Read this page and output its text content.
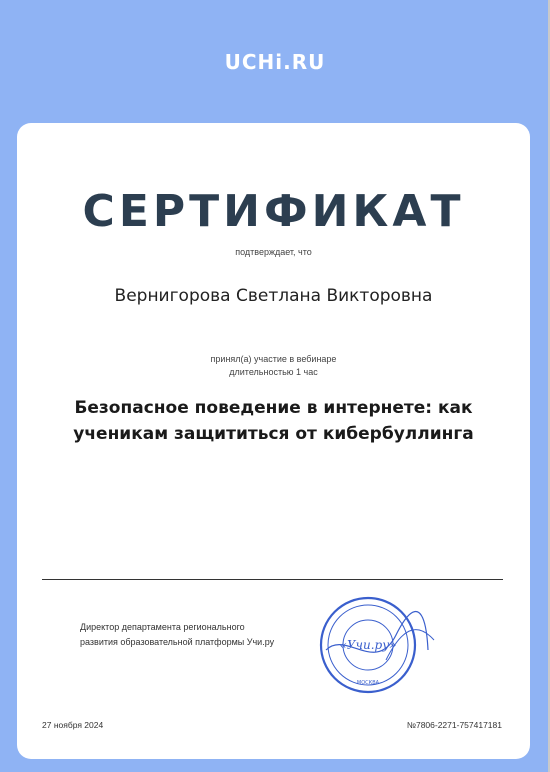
UCHi.RU
СЕРТИФИКАТ
подтверждает, что
Вернигорова Светлана Викторовна
принял(а) участие в вебинаре
длительностью 1 час
Безопасное поведение в интернете: как
ученикам защититься от кибербуллинга
Директор департамента регионального
развития образовательной платформы Учи.ру	«Учи.ру»
МОСКВА
27 ноября 2024	№7806-2271-757417181
